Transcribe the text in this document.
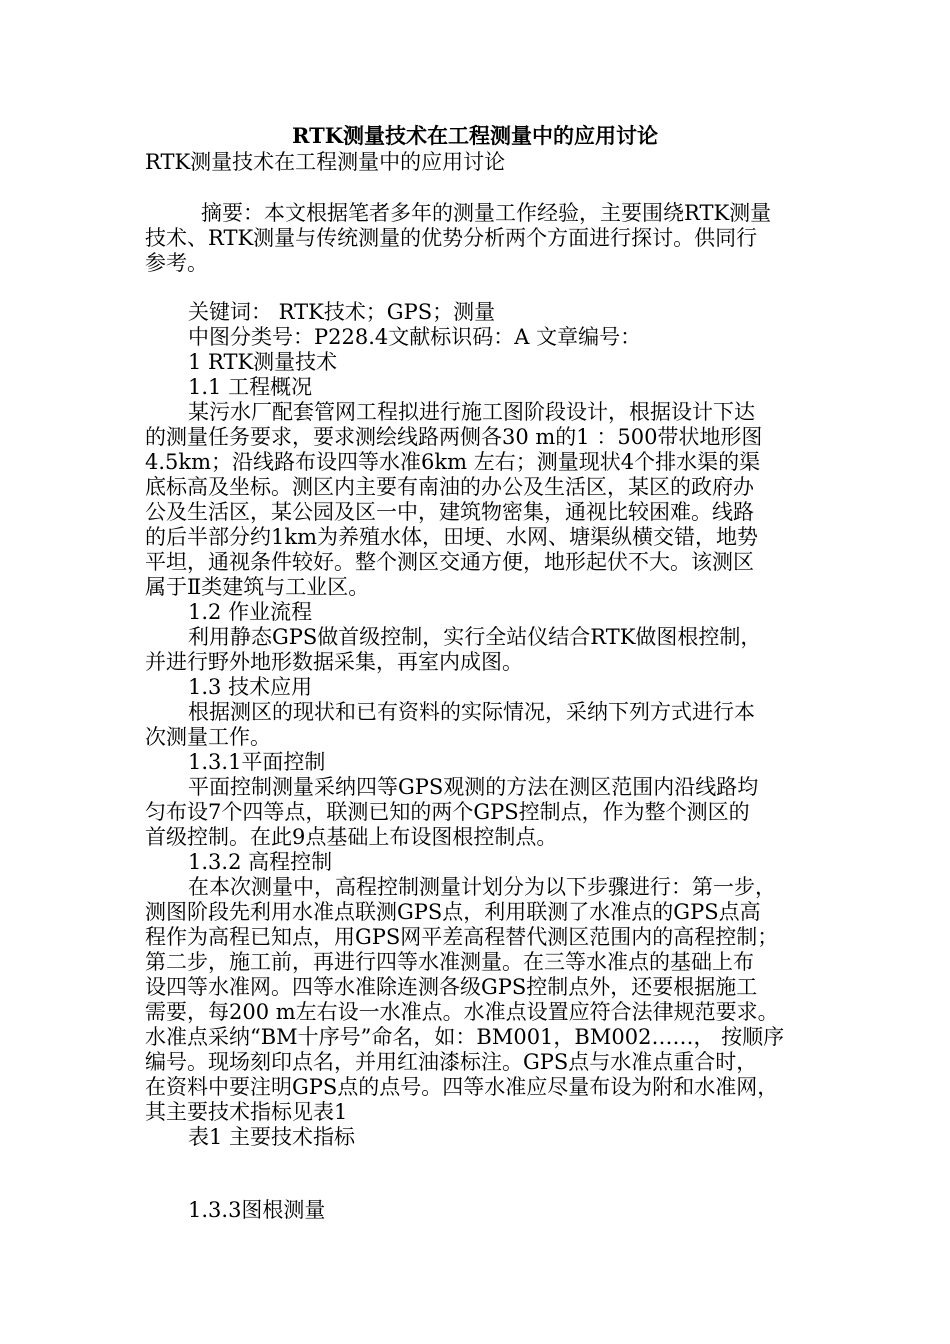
RTK测量技术在工程测量中的应用讨论
RTK测量技术在工程测量中的应用讨论
摘要：本文根据笔者多年的测量工作经验，主要围绕RTK测量
技术、RTK测量与传统测量的优势分析两个方面进行探讨。供同行
参考。
关键词： RTK技术；GPS；测量
中图分类号：P228.4文献标识码：A 文章编号：
1 RTK测量技术
1.1 工程概况
某污水厂配套管网工程拟进行施工图阶段设计，根据设计下达
的测量任务要求，要求测绘线路两侧各30 m的1 ：500带状地形图
4.5km；沿线路布设四等水准6km 左右；测量现状4个排水渠的渠
底标高及坐标。测区内主要有南油的办公及生活区，某区的政府办
公及生活区，某公园及区一中，建筑物密集，通视比较困难。线路
的后半部分约1km为养殖水体，田埂、水网、塘渠纵横交错，地势
平坦，通视条件较好。整个测区交通方便，地形起伏不大。该测区
属于Ⅱ类建筑与工业区。
1.2 作业流程
利用静态GPS做首级控制，实行全站仪结合RTK做图根控制，
并进行野外地形数据采集，再室内成图。
1.3 技术应用
根据测区的现状和已有资料的实际情况，采纳下列方式进行本
次测量工作。
1.3.1平面控制
平面控制测量采纳四等GPS观测的方法在测区范围内沿线路均
匀布设7个四等点，联测已知的两个GPS控制点，作为整个测区的
首级控制。在此9点基础上布设图根控制点。
1.3.2 高程控制
在本次测量中，高程控制测量计划分为以下步骤进行：第一步，
测图阶段先利用水准点联测GPS点，利用联测了水准点的GPS点高
程作为高程已知点，用GPS网平差高程替代测区范围内的高程控制；
第二步，施工前，再进行四等水准测量。在三等水准点的基础上布
设四等水准网。四等水准除连测各级GPS控制点外，还要根据施工
需要，每200 m左右设一水准点。水准点设置应符合法律规范要求。
水准点采纳“BM十序号”命名，如：BM001，BM002……， 按顺序
编号。现场刻印点名，并用红油漆标注。GPS点与水准点重合时，
在资料中要注明GPS点的点号。四等水准应尽量布设为附和水准网，
其主要技术指标见表1
表1 主要技术指标
1.3.3图根测量
